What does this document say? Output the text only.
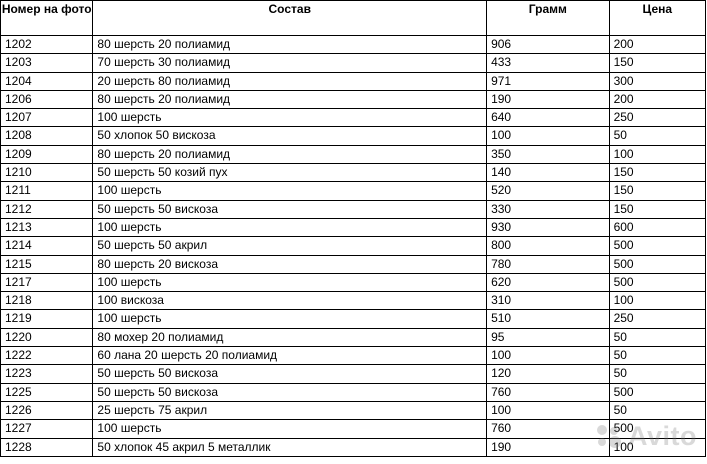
Номер на фото	Состав	Грамм	Цена
1202	80 шерсть 20 полиамид	906	200
1203	70 шерсть 30 полиамид	433	150
1204	20 шерсть 80 полиамид	971	300
1206	80 шерсть 20 полиамид	190	200
1207	100 шерсть	640	250
1208	50 хлопок 50 вискоза	100	50
1209	80 шерсть 20 полиамид	350	100
1210	50 шерсть 50 козий пух	140	150
1211	100 шерсть	520	150
1212	50 шерсть 50 вискоза	330	150
1213	100 шерсть	930	600
1214	50 шерсть 50 акрил	800	500
1215	80 шерсть 20 вискоза	780	500
1217	100 шерсть	620	500
1218	100 вискоза	310	100
1219	100 шерсть	510	250
1220	80 мохер 20 полиамид	95	50
1222	60 лана 20 шерсть 20 полиамид	100	50
1223	50 шерсть 50 вискоза	120	50
1225	50 шерсть 50 вискоза	760	500
1226	25 шерсть 75 акрил	100	50
1227	100 шерсть	760	500
1228	50 хлопок 45 акрил 5 металлик	190	100
Avito
